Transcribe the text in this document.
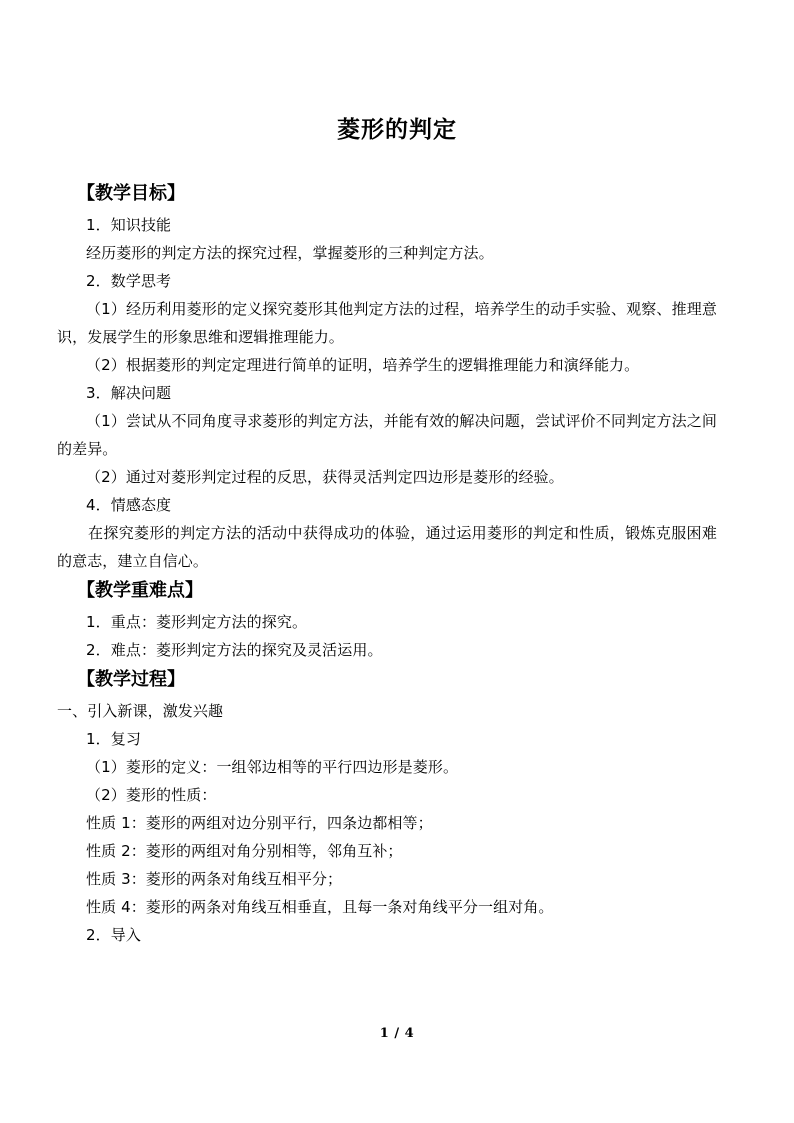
菱形的判定
【教学目标】

1．知识技能

经历菱形的判定方法的探究过程，掌握菱形的三种判定方法。

2．数学思考

（1）经历利用菱形的定义探究菱形其他判定方法的过程，培养学生的动手实验、观察、推理意识，发展学生的形象思维和逻辑推理能力。

（2）根据菱形的判定定理进行简单的证明，培养学生的逻辑推理能力和演绎能力。

3．解决问题

（1）尝试从不同角度寻求菱形的判定方法，并能有效的解决问题，尝试评价不同判定方法之间的差异。

（2）通过对菱形判定过程的反思，获得灵活判定四边形是菱形的经验。

4．情感态度

在探究菱形的判定方法的活动中获得成功的体验，通过运用菱形的判定和性质，锻炼克服困难的意志，建立自信心。

【教学重难点】

1．重点：菱形判定方法的探究。

2．难点：菱形判定方法的探究及灵活运用。

【教学过程】

一、引入新课，激发兴趣

1．复习

（1）菱形的定义：一组邻边相等的平行四边形是菱形。

（2）菱形的性质：

性质 1：菱形的两组对边分别平行，四条边都相等；

性质 2：菱形的两组对角分别相等，邻角互补；

性质 3：菱形的两条对角线互相平分；

性质 4：菱形的两条对角线互相垂直，且每一条对角线平分一组对角。

2．导入

1 / 4
